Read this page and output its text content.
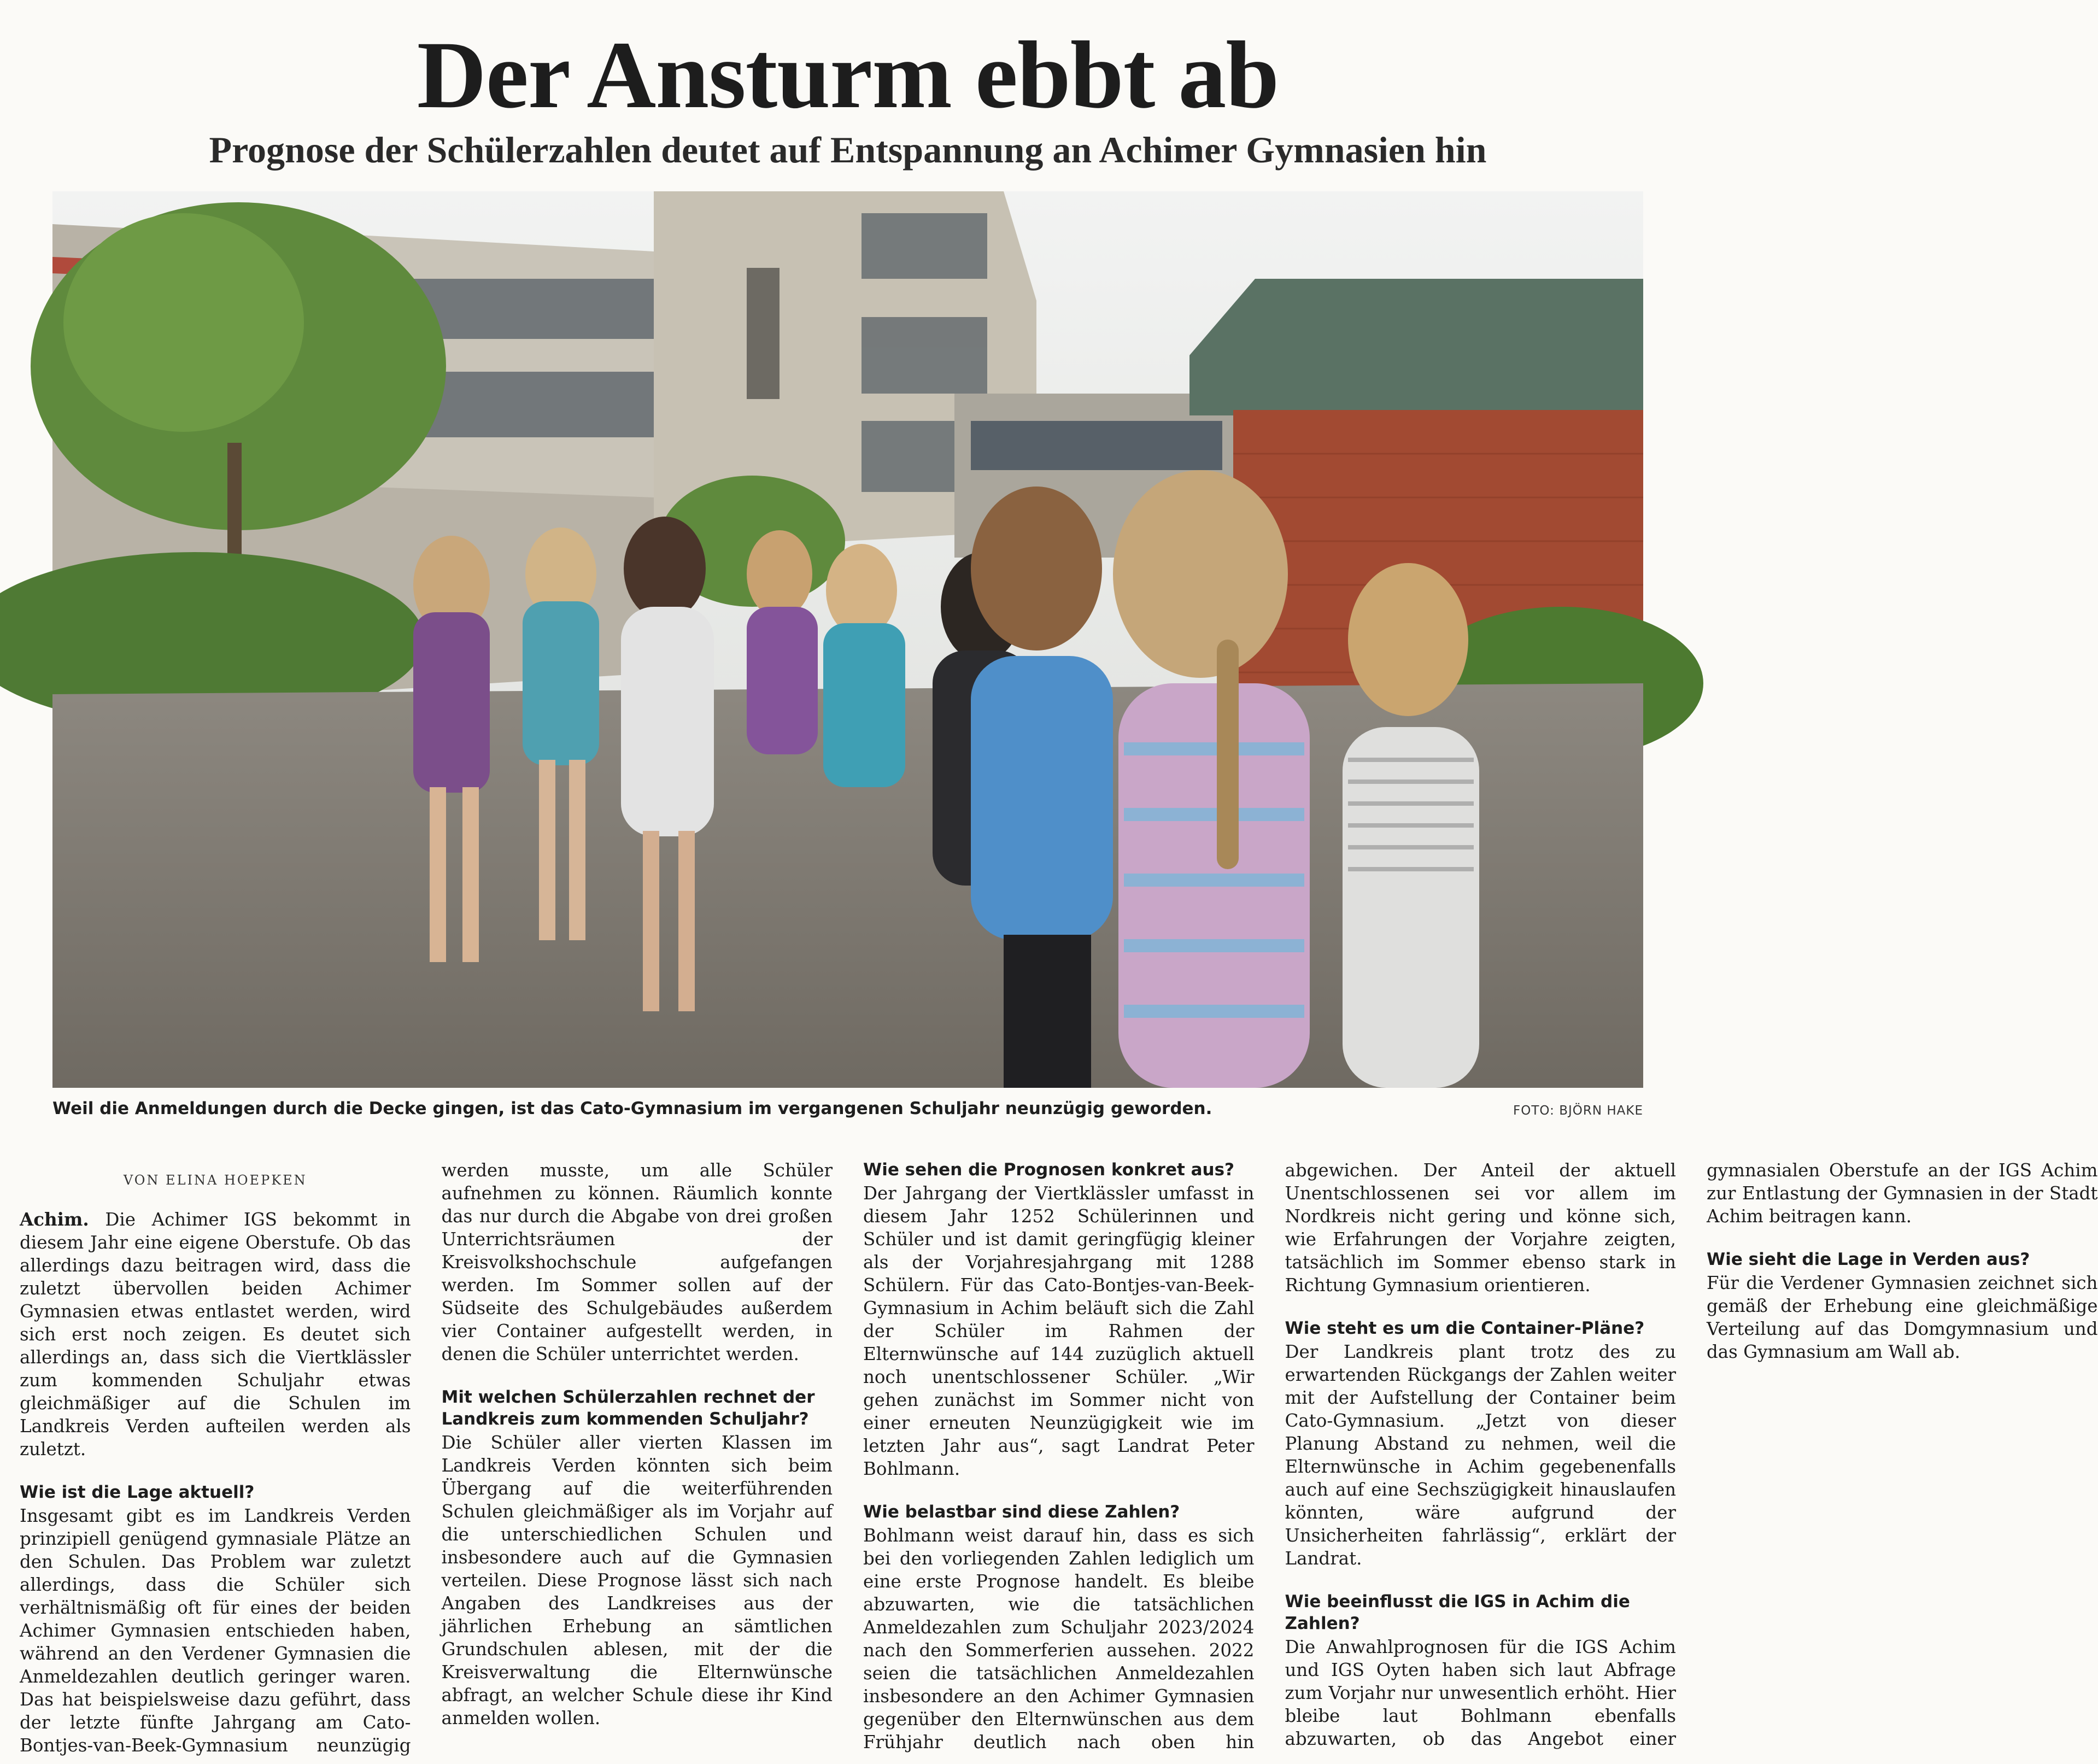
Der Ansturm ebbt ab
Prognose der Schülerzahlen deutet auf Entspannung an Achimer Gymnasien hin
Weil die Anmeldungen durch die Decke gingen, ist das Cato-Gymnasium im vergangenen Schuljahr neunzügig geworden.	FOTO: BJÖRN HAKE
VON ELINA HOEPKEN

Achim. Die Achimer IGS bekommt in diesem Jahr eine eigene Oberstufe. Ob das allerdings dazu beitragen wird, dass die zuletzt übervollen beiden Achimer Gymnasien etwas entlastet werden, wird sich erst noch zeigen. Es deutet sich allerdings an, dass sich die Viertklässler zum kommenden Schuljahr etwas gleichmäßiger auf die Schulen im Landkreis Verden aufteilen werden als zuletzt.

Wie ist die Lage aktuell?

Insgesamt gibt es im Landkreis Verden prinzipiell genügend gymnasiale Plätze an den Schulen. Das Problem war zuletzt allerdings, dass die Schüler sich verhältnismäßig oft für eines der beiden Achimer Gymnasien entschieden haben, während an den Verdener Gymnasien die Anmeldezahlen deutlich geringer waren. Das hat beispielsweise dazu geführt, dass der letzte fünfte Jahrgang am Cato-Bontjes-van-Beek-Gymnasium neunzügig werden musste, um alle Schüler aufnehmen zu können. Räumlich konnte das nur durch die Abgabe von drei großen Unterrichtsräumen der Kreisvolkshochschule aufgefangen werden. Im Sommer sollen auf der Südseite des Schulgebäudes außerdem vier Container aufgestellt werden, in denen die Schüler unterrichtet werden.

Mit welchen Schülerzahlen rechnet der Landkreis zum kommenden Schuljahr?

Die Schüler aller vierten Klassen im Landkreis Verden könnten sich beim Übergang auf die weiterführenden Schulen gleichmäßiger als im Vorjahr auf die unterschiedlichen Schulen und insbesondere auch auf die Gymnasien verteilen. Diese Prognose lässt sich nach Angaben des Landkreises aus der jährlichen Erhebung an sämtlichen Grundschulen ablesen, mit der die Kreisverwaltung die Elternwünsche abfragt, an welcher Schule diese ihr Kind anmelden wollen.

Wie sehen die Prognosen konkret aus?

Der Jahrgang der Viertklässler umfasst in diesem Jahr 1252 Schülerinnen und Schüler und ist damit geringfügig kleiner als der Vorjahresjahrgang mit 1288 Schülern. Für das Cato-Bontjes-van-Beek-Gymnasium in Achim beläuft sich die Zahl der Schüler im Rahmen der Elternwünsche auf 144 zuzüglich aktuell noch unentschlossener Schüler. „Wir gehen zunächst im Sommer nicht von einer erneuten Neunzügigkeit wie im letzten Jahr aus“, sagt Landrat Peter Bohlmann.

Wie belastbar sind diese Zahlen?

Bohlmann weist darauf hin, dass es sich bei den vorliegenden Zahlen lediglich um eine erste Prognose handelt. Es bleibe abzuwarten, wie die tatsächlichen Anmeldezahlen zum Schuljahr 2023/2024 nach den Sommerferien aussehen. 2022 seien die tatsächlichen Anmeldezahlen insbesondere an den Achimer Gymnasien gegenüber den Elternwünschen aus dem Frühjahr deutlich nach oben hin abgewichen. Der Anteil der aktuell Unentschlossenen sei vor allem im Nordkreis nicht gering und könne sich, wie Erfahrungen der Vorjahre zeigten, tatsächlich im Sommer ebenso stark in Richtung Gymnasium orientieren.

Wie steht es um die Container-Pläne?

Der Landkreis plant trotz des zu erwartenden Rückgangs der Zahlen weiter mit der Aufstellung der Container beim Cato-Gymnasium. „Jetzt von dieser Planung Abstand zu nehmen, weil die Elternwünsche in Achim gegebenenfalls auch auf eine Sechszügigkeit hinauslaufen könnten, wäre aufgrund der Unsicherheiten fahrlässig“, erklärt der Landrat.

Wie beeinflusst die IGS in Achim die Zahlen?

Die Anwahlprognosen für die IGS Achim und IGS Oyten haben sich laut Abfrage zum Vorjahr nur unwesentlich erhöht. Hier bleibe laut Bohlmann ebenfalls abzuwarten, ob das Angebot einer gymnasialen Oberstufe an der IGS Achim zur Entlastung der Gymnasien in der Stadt Achim beitragen kann.

Wie sieht die Lage in Verden aus?

Für die Verdener Gymnasien zeichnet sich gemäß der Erhebung eine gleichmäßige Verteilung auf das Domgymnasium und das Gymnasium am Wall ab.
